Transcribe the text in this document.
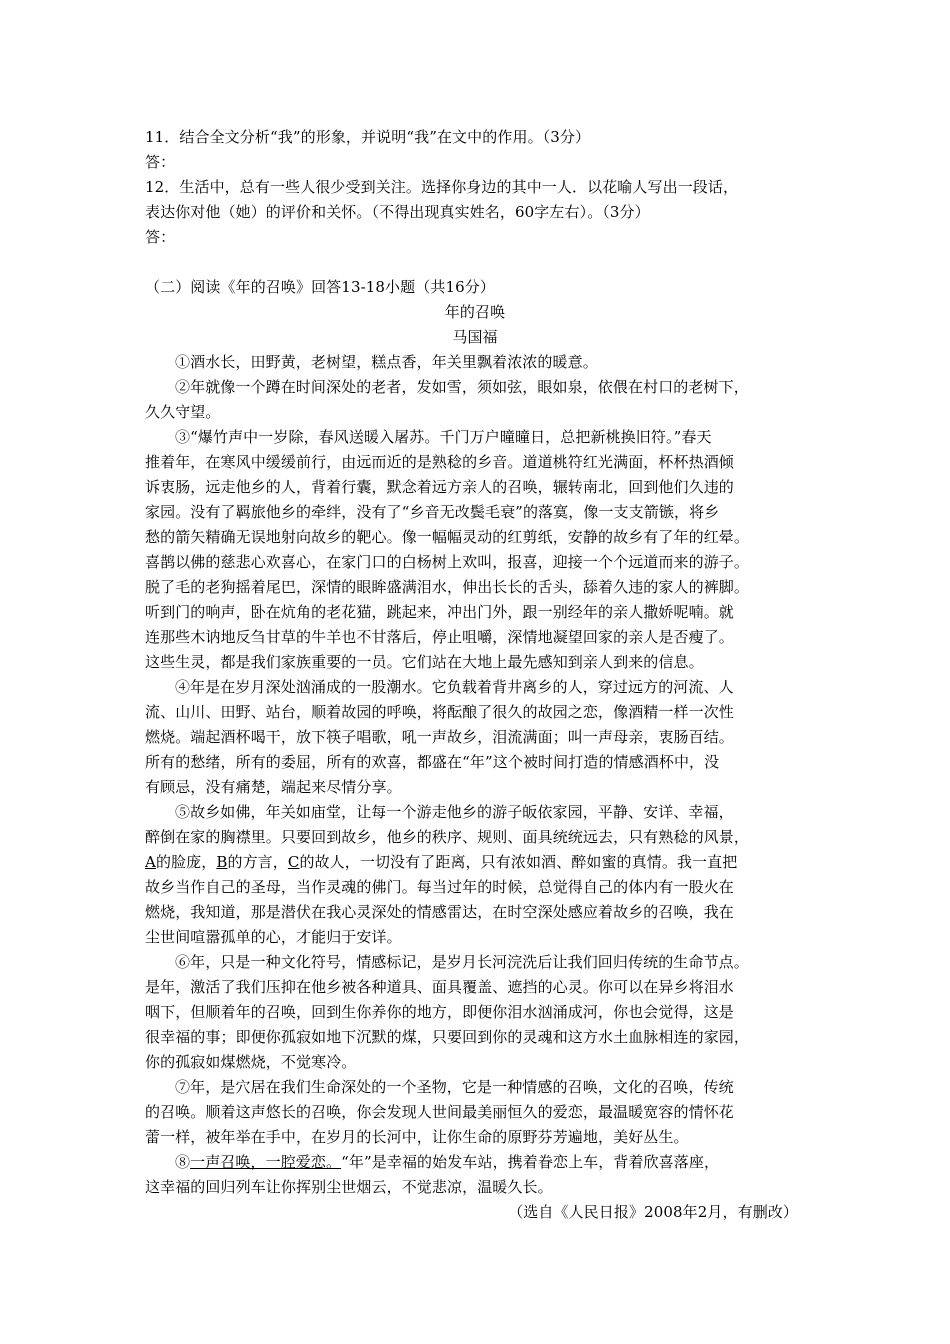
11．结合全文分析“我”的形象，并说明“我”在文中的作用。（3分）
答：
12．生活中，总有一些人很少受到关注。选择你身边的其中一人．以花喻人写出一段话，
表达你对他（她）的评价和关怀。（不得出现真实姓名，60字左右）。（3分）
答：
（二）阅读《年的召唤》回答13-18小题（共16分）
年的召唤
马国福
①酒水长，田野黄，老树望，糕点香，年关里飘着浓浓的暖意。
②年就像一个蹲在时间深处的老者，发如雪，须如弦，眼如泉，依偎在村口的老树下，
久久守望。
③“爆竹声中一岁除，春风送暖入屠苏。千门万户曈曈日，总把新桃换旧符。”春天
推着年，在寒风中缓缓前行，由远而近的是熟稔的乡音。道道桃符红光满面，杯杯热酒倾
诉衷肠，远走他乡的人，背着行囊，默念着远方亲人的召唤，辗转南北，回到他们久违的
家园。没有了羁旅他乡的牵绊，没有了“乡音无改鬓毛衰”的落寞，像一支支箭镞，将乡
愁的箭矢精确无误地射向故乡的靶心。像一幅幅灵动的红剪纸，安静的故乡有了年的红晕。
喜鹊以佛的慈悲心欢喜心，在家门口的白杨树上欢叫，报喜，迎接一个个远道而来的游子。
脱了毛的老狗摇着尾巴，深情的眼眸盛满泪水，伸出长长的舌头，舔着久违的家人的裤脚。
听到门的响声，卧在炕角的老花猫，跳起来，冲出门外，跟一别经年的亲人撒娇呢喃。就
连那些木讷地反刍甘草的牛羊也不甘落后，停止咀嚼，深情地凝望回家的亲人是否瘦了。
这些生灵，都是我们家族重要的一员。它们站在大地上最先感知到亲人到来的信息。
④年是在岁月深处汹涌成的一股潮水。它负载着背井离乡的人，穿过远方的河流、人
流、山川、田野、站台，顺着故园的呼唤，将酝酿了很久的故园之恋，像酒精一样一次性
燃烧。端起酒杯喝干，放下筷子唱歌，吼一声故乡，泪流满面；叫一声母亲，衷肠百结。
所有的愁绪，所有的委屈，所有的欢喜，都盛在“年”这个被时间打造的情感酒杯中，没
有顾忌，没有痛楚，端起来尽情分享。
⑤故乡如佛，年关如庙堂，让每一个游走他乡的游子皈依家园，平静、安详、幸福，
醉倒在家的胸襟里。只要回到故乡，他乡的秩序、规则、面具统统远去，只有熟稔的风景，
A的脸庞，B的方言，C的故人，一切没有了距离，只有浓如酒、醉如蜜的真情。我一直把
故乡当作自己的圣母，当作灵魂的佛门。每当过年的时候，总觉得自己的体内有一股火在
燃烧，我知道，那是潜伏在我心灵深处的情感雷达，在时空深处感应着故乡的召唤，我在
尘世间喧嚣孤单的心，才能归于安详。
⑥年，只是一种文化符号，情感标记，是岁月长河浣洗后让我们回归传统的生命节点。
是年，激活了我们压抑在他乡被各种道具、面具覆盖、遮挡的心灵。你可以在异乡将泪水
咽下，但顺着年的召唤，回到生你养你的地方，即便你泪水汹涌成河，你也会觉得，这是
很幸福的事；即便你孤寂如地下沉默的煤，只要回到你的灵魂和这方水土血脉相连的家园，
你的孤寂如煤燃烧，不觉寒冷。
⑦年，是穴居在我们生命深处的一个圣物，它是一种情感的召唤，文化的召唤，传统
的召唤。顺着这声悠长的召唤，你会发现人世间最美丽恒久的爱恋，最温暖宽容的情怀花
蕾一样，被年举在手中，在岁月的长河中，让你生命的原野芬芳遍地，美好丛生。
⑧一声召唤，一腔爱恋。“年”是幸福的始发车站，携着眷恋上车，背着欣喜落座，
这幸福的回归列车让你挥别尘世烟云，不觉悲凉，温暖久长。
（选自《人民日报》2008年2月，有删改）
